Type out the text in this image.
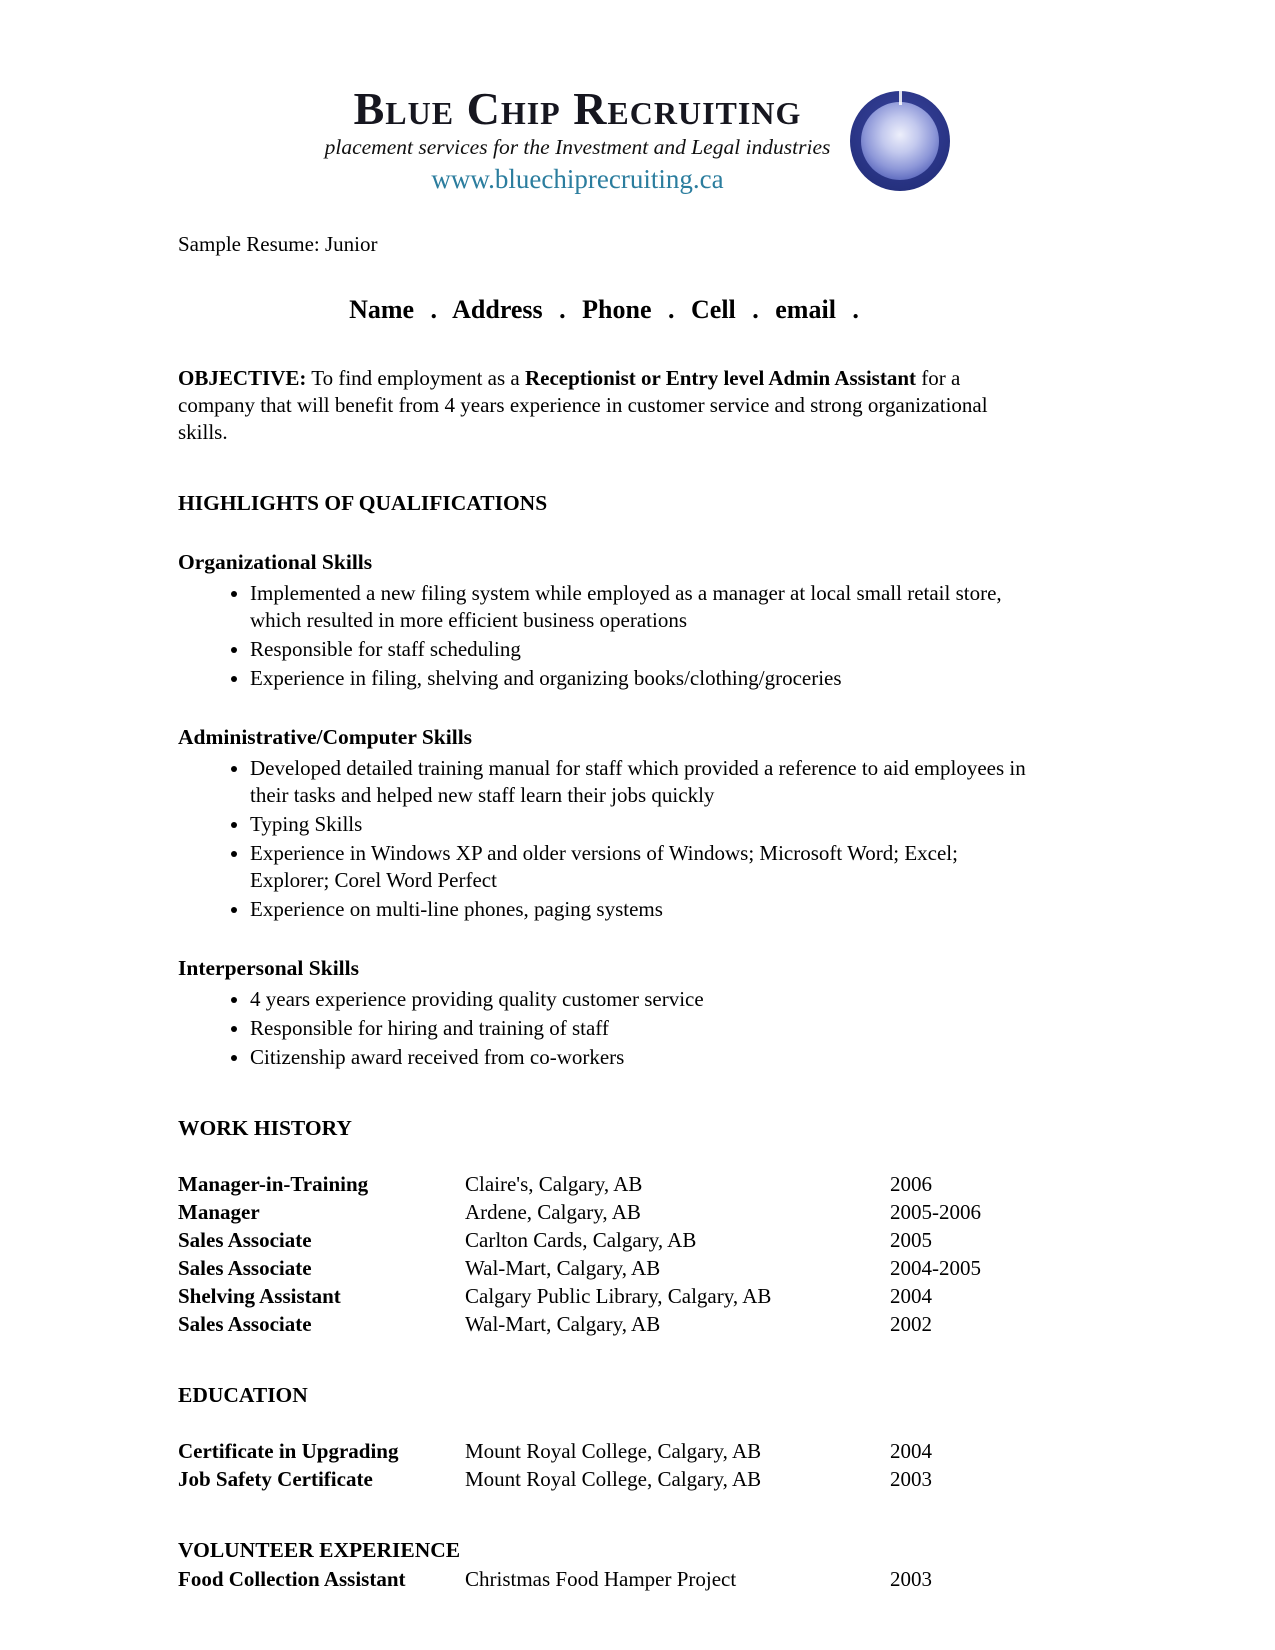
Blue Chip Recruiting
placement services for the Investment and Legal industries
www.bluechiprecruiting.ca
Sample Resume: Junior
Name . Address . Phone . Cell . email .

OBJECTIVE: To find employment as a Receptionist or Entry level Admin Assistant for a company that will benefit from 4 years experience in customer service and strong organizational skills.

HIGHLIGHTS OF QUALIFICATIONS
Organizational Skills
• Implemented a new filing system while employed as a manager at local small retail store, which resulted in more efficient business operations
• Responsible for staff scheduling
• Experience in filing, shelving and organizing books/clothing/groceries
Administrative/Computer Skills
• Developed detailed training manual for staff which provided a reference to aid employees in their tasks and helped new staff learn their jobs quickly
• Typing Skills
• Experience in Windows XP and older versions of Windows; Microsoft Word; Excel; Explorer; Corel Word Perfect
• Experience on multi-line phones, paging systems
Interpersonal Skills
• 4 years experience providing quality customer service
• Responsible for hiring and training of staff
• Citizenship award received from co-workers
WORK HISTORY
Manager-in-Training	Claire's, Calgary, AB	2006
Manager	Ardene, Calgary, AB	2005-2006
Sales Associate	Carlton Cards, Calgary, AB	2005
Sales Associate	Wal-Mart, Calgary, AB	2004-2005
Shelving Assistant	Calgary Public Library, Calgary, AB	2004
Sales Associate	Wal-Mart, Calgary, AB	2002
EDUCATION
Certificate in Upgrading	Mount Royal College, Calgary, AB	2004
Job Safety Certificate	Mount Royal College, Calgary, AB	2003
VOLUNTEER EXPERIENCE
Food Collection Assistant	Christmas Food Hamper Project	2003
